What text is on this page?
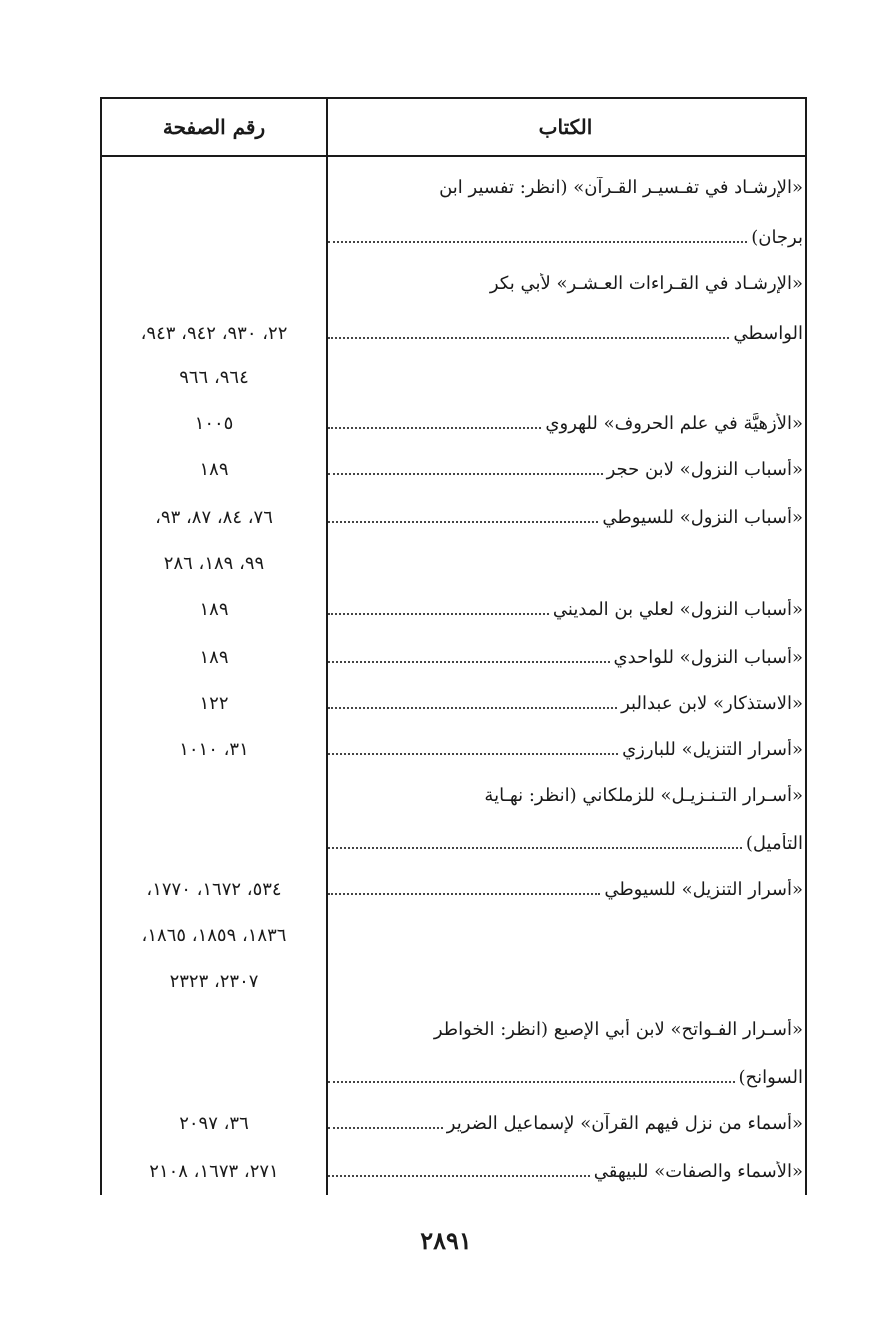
الكتاب
رقم الصفحة
«الإرشـاد في تفـسيـر القـرآن» (انظر: تفسير ابن
برجان)
«الإرشـاد في القـراءات العـشـر» لأبي بكر
الواسطي
٢٢، ٩٣٠، ٩٤٢، ٩٤٣،
٩٦٤، ٩٦٦
«الأزهيَّة في علم الحروف» للهروي
١٠٠٥
«أسباب النزول» لابن حجر
١٨٩
«أسباب النزول» للسيوطي
٧٦، ٨٤، ٨٧، ٩٣،
٩٩، ١٨٩، ٢٨٦
«أسباب النزول» لعلي بن المديني
١٨٩
«أسباب النزول» للواحدي
١٨٩
«الاستذكار» لابن عبدالبر
١٢٢
«أسرار التنزيل» للبارزي
٣١، ١٠١٠
«أسـرار التـنـزيـل» للزملكاني (انظر: نهـاية
التأميل)
«أسرار التنزيل» للسيوطي
٥٣٤، ١٦٧٢، ١٧٧٠،
١٨٣٦، ١٨٥٩، ١٨٦٥،
٢٣٠٧، ٢٣٢٣
«أسـرار الفـواتح» لابن أبي الإصبع (انظر: الخواطر
السوانح)
«أسماء من نزل فيهم القرآن» لإسماعيل الضرير
٣٦، ٢٠٩٧
«الأسماء والصفات» للبيهقي
٢٧١، ١٦٧٣، ٢١٠٨
٢٨٩١
